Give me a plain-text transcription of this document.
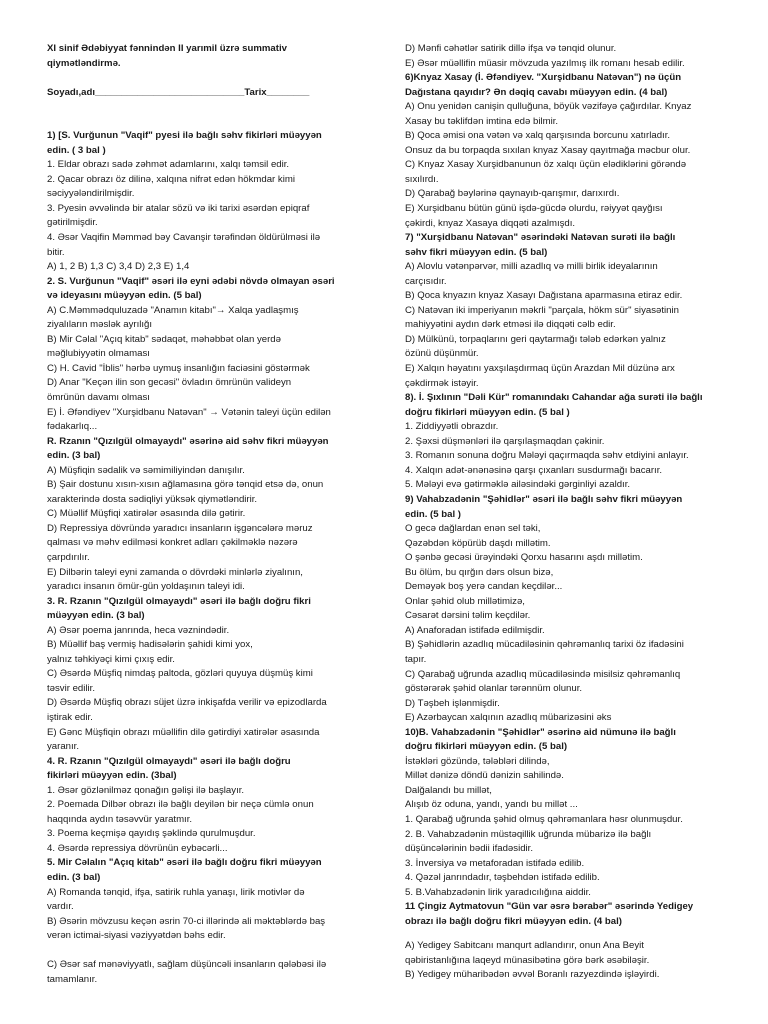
XI sinif Ədəbiyyat fənnindən II yarımil üzrə summativ
qiymətləndirmə.
Soyadı,adı____________________________Tarix________
1) [S. Vurğunun "Vaqif" pyesi ilə bağlı səhv fikirləri müəyyən
edin. ( 3 bal )
1. Eldar obrazı sadə zəhmət adamlarını, xalqı təmsil edir.
2. Qacar obrazı öz dilinə, xalqına nifrət edən hökmdar kimi
səciyyələndirilmişdir.
3. Pyesin əvvəlində bir atalar sözü və iki tarixi əsərdən epiqraf
gətirilmişdir.
4. Əsər Vaqifin Məmməd bəy Cavanşir tərəfindən öldürülməsi ilə
bitir.
A) 1, 2 B) 1,3 C) 3,4 D) 2,3 E) 1,4
2. S. Vurğunun "Vaqif" əsəri ilə eyni ədəbi növdə olmayan əsəri
və ideyasını müəyyən edin. (5 bal)
A) C.Məmmədquluzadə "Anamın kitabı"→ Xalqa yadlaşmış
ziyalıların məslək ayrılığı
B) Mir Cəlal "Açıq kitab" sədaqət, məhəbbət olan yerdə
məğlubiyyətin olmaması
C) H. Cavid "İblis" hərbə uymuş insanlığın faciəsini göstərmək
D) Anar "Keçən ilin son gecəsi" övladın ömrünün valideyn
ömrünün davamı olması
E) İ. Əfəndiyev "Xurşidbanu Natəvan" → Vətənin taleyi üçün edilən
fədakarlıq...
R. Rzanın "Qızılgül olmayaydı" əsərinə aid səhv fikri müəyyən
edin. (3 bal)
A) Müşfiqin sədalik və səmimiliyindən danışılır.
B) Şair dostunu xısın-xısın ağlamasına görə tənqid etsə də, onun
xarakterində dosta sədiqliyi yüksək qiymətləndirir.
C) Müəllif Müşfiqi xatirələr əsasında dilə gətirir.
D) Repressiya dövründə yaradıcı insanların işgəncələrə məruz
qalması və məhv edilməsi konkret adları çəkilməklə nəzərə
çarpdırılır.
E) Dilbərin taleyi eyni zamanda o dövrdəki minlərlə ziyalının,
yaradıcı insanın ömür-gün yoldaşının taleyi idi.
3. R. Rzanın "Qızılgül olmayaydı" əsəri ilə bağlı doğru fikri
müəyyən edin. (3 bal)
A) Əsər poema janrında, heca vəznindədir.
B) Müəllif baş vermiş hadisələrin şahidi kimi yox,
yalnız təhkiyəçi kimi çıxış edir.
C) Əsərdə Müşfiq nimdaş paltoda, gözləri quyuya düşmüş kimi
təsvir edilir.
D) Əsərdə Müşfiq obrazı süjet üzrə inkişafda verilir və epizodlarda
iştirak edir.
E) Gənc Müşfiqin obrazı müəllifin dilə gətirdiyi xatirələr əsasında
yaranır.
4. R. Rzanın "Qızılgül olmayaydı" əsəri ilə bağlı doğru
fikirləri müəyyən edin. (3bal)
1. Əsər gözlənilməz qonağın gəlişi ilə başlayır.
2. Poemada Dilbər obrazı ilə bağlı deyilən bir neçə cümlə onun
haqqında aydın təsəvvür yaratmır.
3. Poema keçmişə qayıdış şəklində qurulmuşdur.
4. Əsərdə repressiya dövrünün eybəcərli...
5. Mir Cəlalın "Açıq kitab" əsəri ilə bağlı doğru fikri müəyyən
edin. (3 bal)
A) Romanda tənqid, ifşa, satirik ruhla yanaşı, lirik motivlər də
vardır.
B) Əsərin mövzusu keçən əsrin 70-ci illərində ali məktəblərdə baş
verən ictimai-siyasi vəziyyətdən bəhs edir.
C) Əsər saf mənəviyyatlı, sağlam düşüncəli insanların qələbəsi ilə
tamamlanır.
D) Mənfi cəhətlər satirik dillə ifşa və tənqid olunur.
E) Əsər müəllifin müasir mövzuda yazılmış ilk romanı hesab edilir.
6)Knyaz Xasay (İ. Əfəndiyev. "Xurşidbanu Natəvan") nə üçün
Dağıstana qayıdır? Ən dəqiq cavabı müəyyən edin. (4 bal)
A) Onu yenidən canişin qulluğuna, böyük vəzifəyə çağırdılar. Knyaz
Xasay bu təklifdən imtina edə bilmir.
B) Qoca əmisi ona vətən və xalq qarşısında borcunu xatırladır.
Onsuz da bu torpaqda sıxılan knyaz Xasay qayıtmağa məcbur olur.
C) Knyaz Xasay Xurşidbanunun öz xalqı üçün elədiklərini görəndə
sıxılırdı.
D) Qarabağ bəylərinə qaynayıb-qarışmır, darıxırdı.
E) Xurşidbanu bütün günü işdə-gücdə olurdu, rəiyyət qayğısı
çəkirdi, knyaz Xasaya diqqəti azalmışdı.
7) "Xurşidbanu Natəvan" əsərindəki Natəvan surəti ilə bağlı
səhv fikri müəyyən edin. (5 bal)
A) Alovlu vətənpərvər, milli azadlıq və milli birlik ideyalarının
carçısıdır.
B) Qoca knyazın knyaz Xasayı Dağıstana aparmasına etiraz edir.
C) Natəvan iki imperiyanın məkrli "parçala, hökm sür" siyasətinin
mahiyyətini aydın dərk etməsi ilə diqqəti cəlb edir.
D) Mülkünü, torpaqlarını geri qaytarmağı tələb edərkən yalnız
özünü düşünmür.
E) Xalqın həyatını yaxşılaşdırmaq üçün Arazdan Mil düzünə arx
çəkdirmək istəyir.
8). İ. Şıxlının "Dəli Kür" romanındakı Cahandar ağa surəti ilə bağlı
doğru fikirləri müəyyən edin. (5 bal )
1. Ziddiyyətli obrazdır.
2. Şəxsi düşmənləri ilə qarşılaşmaqdan çəkinir.
3. Romanın sonuna doğru Mələyi qaçırmaqda səhv etdiyini anlayır.
4. Xalqın adət-ənənəsinə qarşı çıxanları susdurmağı bacarır.
5. Mələyi evə gətirməklə ailəsindəki gərginliyi azaldır.
9) Vahabzadənin "Şəhidlər" əsəri ilə bağlı səhv fikri müəyyən
edin. (5 bal )
O gecə dağlardan enən sel təki,
Qəzəbdən köpürüb daşdı millətim.
O şənbə gecəsi ürəyindəki Qorxu hasarını aşdı millətim.
Bu ölüm, bu qırğın dərs olsun bizə,
Deməyək boş yerə candan keçdilər...
Onlar şəhid olub millətimizə,
Cəsarət dərsini təlim keçdilər.
A) Anaforadan istifadə edilmişdir.
B) Şəhidlərin azadlıq mücadiləsinin qəhrəmanlıq tarixi öz ifadəsini
tapır.
C) Qarabağ uğrunda azadlıq mücadiləsində misilsiz qəhrəmanlıq
göstərərək şəhid olanlar tərənnüm olunur.
D) Təşbeh işlənmişdir.
E) Azərbaycan xalqının azadlıq mübarizəsini əks
10)B. Vahabzadənin "Şəhidlər" əsərinə aid nümunə ilə bağlı
doğru fikirləri müəyyən edin. (5 bal)
İstəkləri gözündə, tələbləri dilində,
Millət dənizə döndü dənizin sahilində.
Dalğalandı bu millət,
Alışıb öz oduna, yandı, yandı bu millət ...
1. Qarabağ uğrunda şəhid olmuş qəhrəmanlara həsr olunmuşdur.
2. B. Vahabzadənin müstəqillik uğrunda mübarizə ilə bağlı
düşüncələrinin bədii ifadəsidir.
3. İnversiya və metaforadan istifadə edilib.
4. Qəzəl janrındadır, təşbehdən istifadə edilib.
5. B.Vahabzadənin lirik yaradıcılığına aiddir.
11 Çingiz Aytmatovun "Gün var əsrə bərabər" əsərində Yedigey
obrazı ilə bağlı doğru fikri müəyyən edin. (4 bal)
A) Yedigey Sabitcanı manqurt adlandırır, onun Ana Beyit
qəbiristanlığına laqeyd münasibətinə görə bərk əsəbiləşir.
B) Yedigey müharibədən əvvəl Boranlı razyezdində işləyirdi.
